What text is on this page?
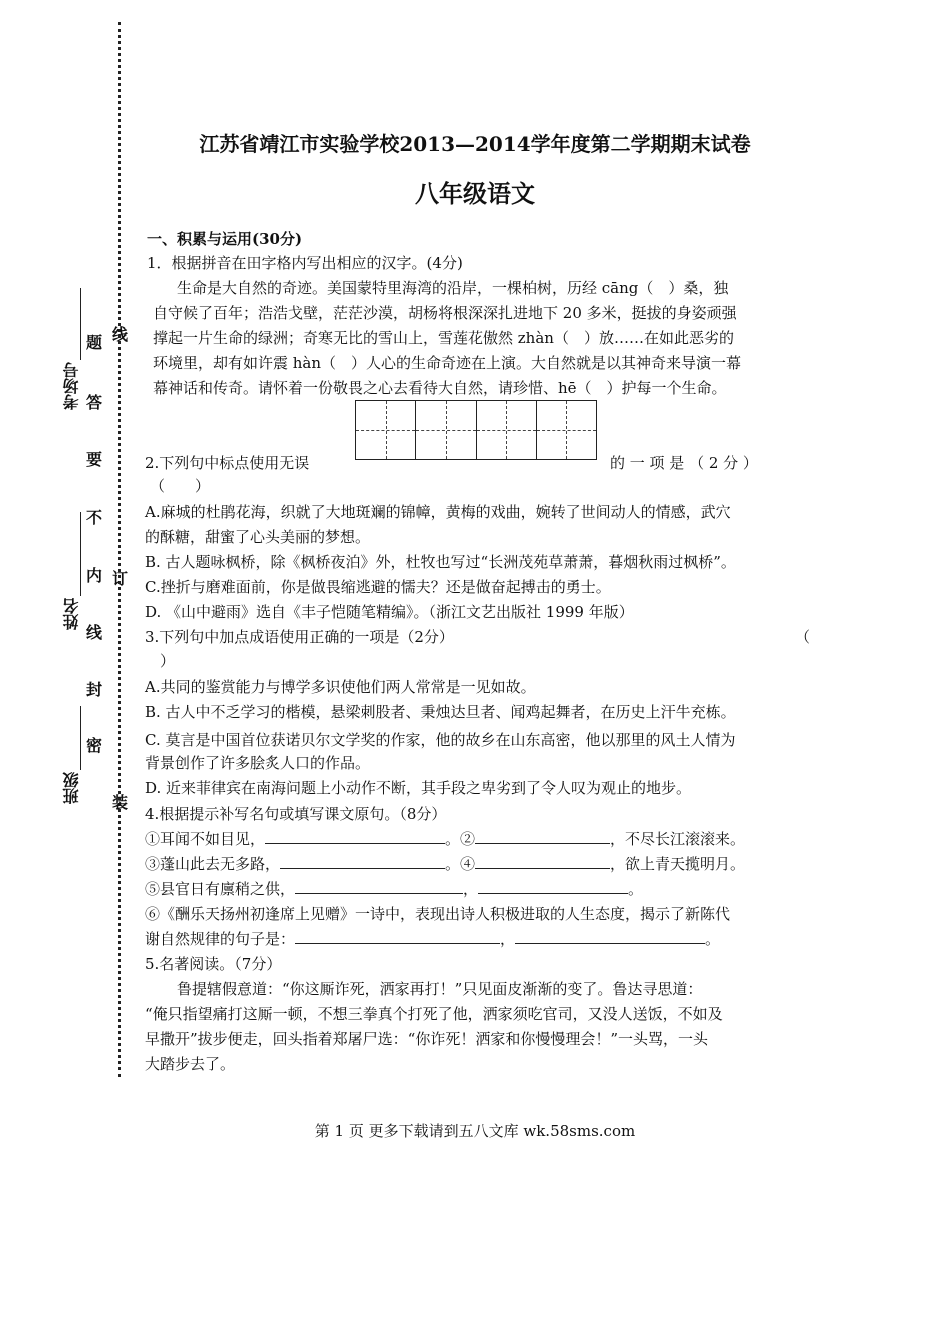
线
订
装
题
答
要
不
内
线
封
密
考场号
姓名
班级
江苏省靖江市实验学校2013—2014学年度第二学期期末试卷
八年级语文
一、积累与运用(30分)
1．根据拼音在田字格内写出相应的汉字。(4分)
生命是大自然的奇迹。美国蒙特里海湾的沿岸，一棵柏树，历经 cāng（　）桑，独
自守候了百年；浩浩戈壁，茫茫沙漠，胡杨将根深深扎进地下 20 多米，挺拔的身姿顽强
撑起一片生命的绿洲；奇寒无比的雪山上，雪莲花傲然 zhàn（　）放……在如此恶劣的
环境里，却有如许震 hàn（　）人心的生命奇迹在上演。大自然就是以其神奇来导演一幕
幕神话和传奇。请怀着一份敬畏之心去看待大自然，请珍惜、hē（　）护每一个生命。
2.下列句中标点使用无误	的 一 项 是 （ 2 分 ）
（　　）
A.麻城的杜鹃花海，织就了大地斑斓的锦幛，黄梅的戏曲，婉转了世间动人的情感，武穴
的酥糖，甜蜜了心头美丽的梦想。
B. 古人题咏枫桥，除《枫桥夜泊》外，杜牧也写过“长洲茂苑草萧萧，暮烟秋雨过枫桥”。
C.挫折与磨难面前，你是做畏缩逃避的懦夫？还是做奋起搏击的勇士。
D. 《山中避雨》选自《丰子恺随笔精编》。（浙江文艺出版社 1999 年版）
3.下列句中加点成语使用正确的一项是（2分）	（
）
A.共同的鉴赏能力与博学多识使他们两人常常是一见如故。
B. 古人中不乏学习的楷模，悬梁刺股者、秉烛达旦者、闻鸡起舞者，在历史上汗牛充栋。
C. 莫言是中国首位获诺贝尔文学奖的作家，他的故乡在山东高密，他以那里的风土人情为
背景创作了许多脍炙人口的作品。
D. 近来菲律宾在南海问题上小动作不断，其手段之卑劣到了令人叹为观止的地步。
4.根据提示补写名句或填写课文原句。（8分）
①耳闻不如目见，	。②	，不尽长江滚滚来。
③蓬山此去无多路，	。④	，欲上青天揽明月。
⑤县官日有廪稍之供，	，	。
⑥《酬乐天扬州初逢席上见赠》一诗中，表现出诗人积极进取的人生态度，揭示了新陈代
谢自然规律的句子是：	，	。
5.名著阅读。（7分）
鲁提辖假意道：“你这厮诈死，洒家再打！”只见面皮渐渐的变了。鲁达寻思道：
“俺只指望痛打这厮一顿，不想三拳真个打死了他，洒家须吃官司，又没人送饭，不如及
早撒开”拔步便走，回头指着郑屠尸选：“你诈死！洒家和你慢慢理会！”一头骂，一头
大踏步去了。
第 1 页 更多下载请到五八文库 wk.58sms.com
